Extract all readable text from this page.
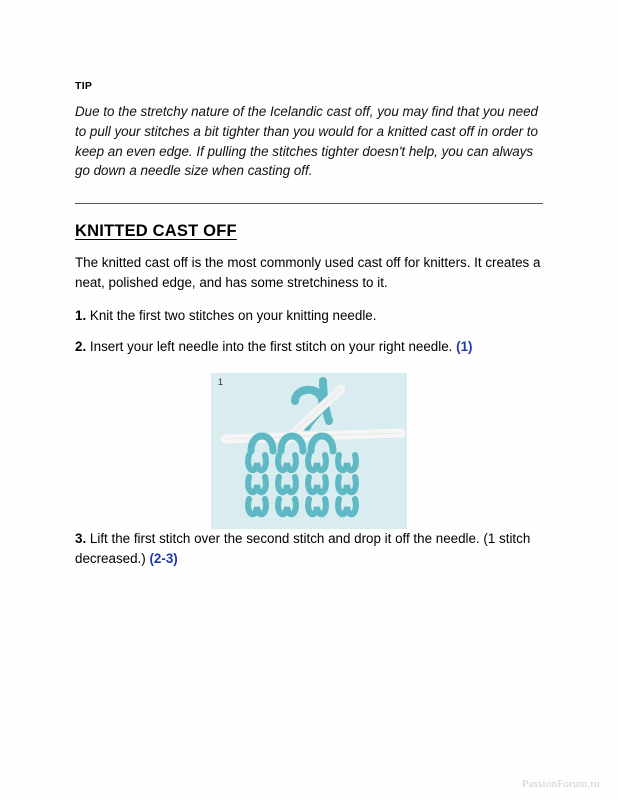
TIP

Due to the stretchy nature of the Icelandic cast off, you may find that you need to pull your stitches a bit tighter than you would for a knitted cast off in order to keep an even edge. If pulling the stitches tighter doesn't help, you can always go down a needle size when casting off.

KNITTED CAST OFF

The knitted cast off is the most commonly used cast off for knitters. It creates a neat, polished edge, and has some stretchiness to it.

1. Knit the first two stitches on your knitting needle.

2. Insert your left needle into the first stitch on your right needle. (1)

1

3. Lift the first stitch over the second stitch and drop it off the needle. (1 stitch decreased.) (2-3)

PassionForum.ru
